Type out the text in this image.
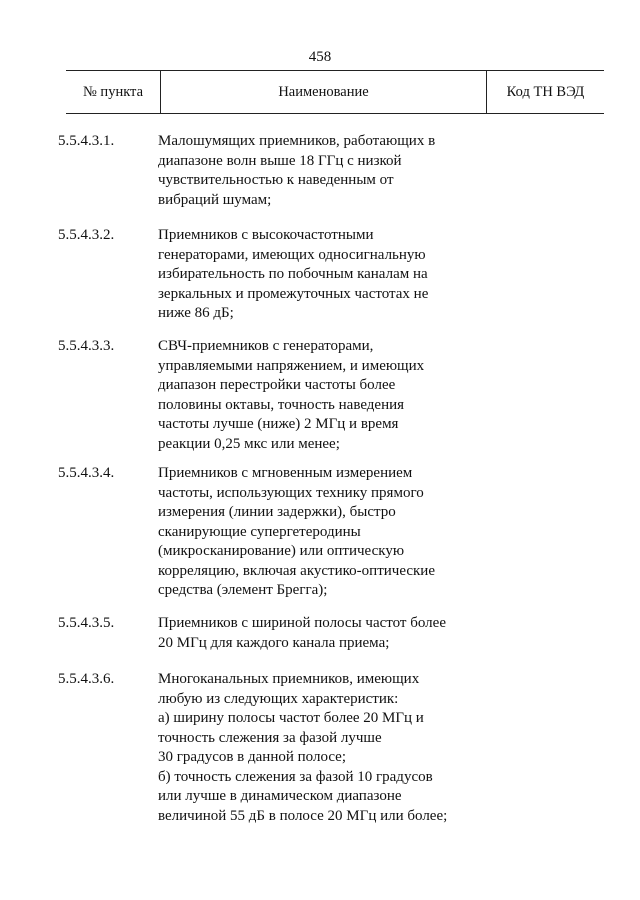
458
№ пункта	Наименование	Код ТН ВЭД
5.5.4.3.1.	Малошумящих приемников, работающих в
диапазоне волн выше 18 ГГц с низкой
чувствительностью к наведенным от
вибраций шумам;
5.5.4.3.2.	Приемников с высокочастотными
генераторами, имеющих односигнальную
избирательность по побочным каналам на
зеркальных и промежуточных частотах не
ниже 86 дБ;
5.5.4.3.3.	СВЧ-приемников с генераторами,
управляемыми напряжением, и имеющих
диапазон перестройки частоты более
половины октавы, точность наведения
частоты лучше (ниже) 2 МГц и время
реакции 0,25 мкс или менее;
5.5.4.3.4.	Приемников с мгновенным измерением
частоты, использующих технику прямого
измерения (линии задержки), быстро
сканирующие супергетеродины
(микросканирование) или оптическую
корреляцию, включая акустико-оптические
средства (элемент Брегга);
5.5.4.3.5.	Приемников с шириной полосы частот более
20 МГц для каждого канала приема;
5.5.4.3.6.	Многоканальных приемников, имеющих
любую из следующих характеристик:
а) ширину полосы частот более 20 МГц и
точность слежения за фазой лучше
30 градусов в данной полосе;
б) точность слежения за фазой 10 градусов
или лучше в динамическом диапазоне
величиной 55 дБ в полосе 20 МГц или более;
